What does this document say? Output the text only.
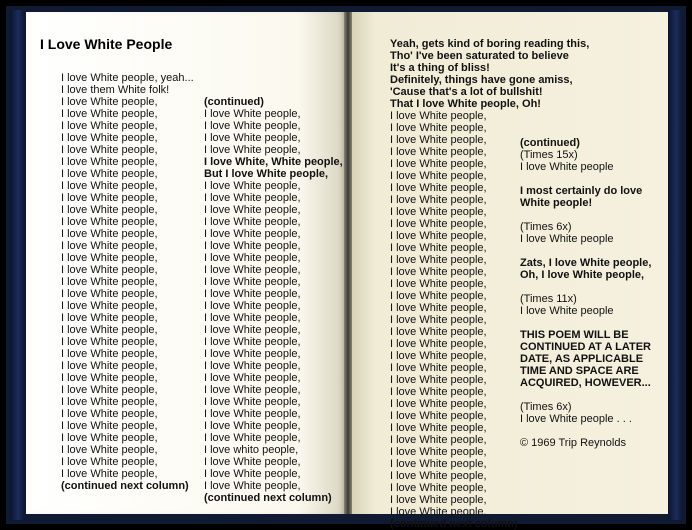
I Love White People
I love White people, yeah...
I love them White folk!
I love White people,
I love White people,
I love White people,
I love White people,
I love White people,
I love White people,
I love White people,
I love White people,
I love White people,
I love White people,
I love White people,
I love White people,
I love White people,
I love White people,
I love White people,
I love White people,
I love White people,
I love White people,
I love White people,
I love White people,
I love White people,
I love White people,
I love White people,
I love White people,
I love White people,
I love White people,
I love White people,
I love White people,
I love White people,
I love White people,
I love White people,
I love White people,
(continued next column)
(continued)
I love White people,
I love White people,
I love White people,
I love White people,
I love White, White people,
But I love White people,
I love White people,
I love White people,
I love White people,
I love White people,
I love White people,
I love White people,
I love White people,
I love White people,
I love White people,
I love White people,
I love White people,
I love White people,
I love White people,
I love White people,
I love White people,
I love White people,
I love White people,
I love White people,
I love White people,
I love White people,
I love White people,
I love White people,
I love whito people,
I love White people,
I love White people,
I love White people,
(continued next column)
Yeah, gets kind of boring reading this,
Tho' I've been saturated to believe
It's a thing of bliss!
Definitely, things have gone amiss,
'Cause that's a lot of bullshit!
That I love White people, Oh!
I love White people,
I love White people,
I love White people,
I love White people,
I love White people,
I love White people,
I love White people,
I love White people,
I love White people,
I love White people,
I love White people,
I love White people,
I love White people,
I love White people,
I love White people,
I love White people,
I love White people,
I love White people,
I love White people,
I love White people,
I love White people,
I love White people,
I love White people,
I love White people,
I love White people,
I love White people,
I love White people,
I love White people,
I love White people,
I love White people,
I love White people,
I love White people,
I love White people,
I love White people,
(continued next column)
(continued)
(Times 15x)
I love White people
I most certainly do love
White people!
(Times 6x)
I love White people
Zats, I love White people,
Oh, I love White people,
(Times 11x)
I love White people
THIS POEM WILL BE
CONTINUED AT A LATER
DATE, AS APPLICABLE
TIME AND SPACE ARE
ACQUIRED, HOWEVER...
(Times 6x)
I love White people . . .
© 1969 Trip Reynolds
